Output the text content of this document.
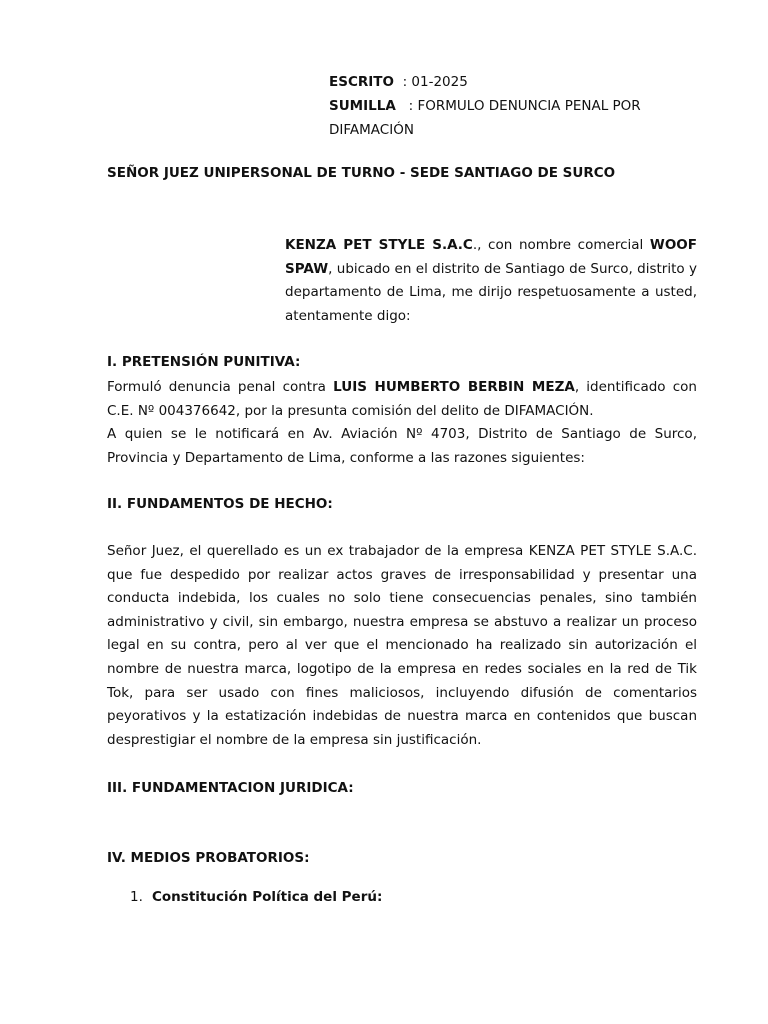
ESCRITO : 01-2025
SUMILLA : FORMULO DENUNCIA PENAL POR
DIFAMACIÓN
SEÑOR JUEZ UNIPERSONAL DE TURNO - SEDE SANTIAGO DE SURCO
KENZA PET STYLE S.A.C., con nombre comercial WOOF SPAW, ubicado en el distrito de Santiago de Surco, distrito y departamento de Lima, me dirijo respetuosamente a usted, atentamente digo:
I. PRETENSIÓN PUNITIVA:
Formuló denuncia penal contra LUIS HUMBERTO BERBIN MEZA, identificado con C.E. Nº 004376642, por la presunta comisión del delito de DIFAMACIÓN.
A quien se le notificará en Av. Aviación Nº 4703, Distrito de Santiago de Surco, Provincia y Departamento de Lima, conforme a las razones siguientes:
II. FUNDAMENTOS DE HECHO:
Señor Juez, el querellado es un ex trabajador de la empresa KENZA PET STYLE S.A.C. que fue despedido por realizar actos graves de irresponsabilidad y presentar una conducta indebida, los cuales no solo tiene consecuencias penales, sino también administrativo y civil, sin embargo, nuestra empresa se abstuvo a realizar un proceso legal en su contra, pero al ver que el mencionado ha realizado sin autorización el nombre de nuestra marca, logotipo de la empresa en redes sociales en la red de Tik Tok, para ser usado con fines maliciosos, incluyendo difusión de comentarios peyorativos y la estatización indebidas de nuestra marca en contenidos que buscan desprestigiar el nombre de la empresa sin justificación.
III. FUNDAMENTACION JURIDICA:
IV. MEDIOS PROBATORIOS:
1. Constitución Política del Perú:
